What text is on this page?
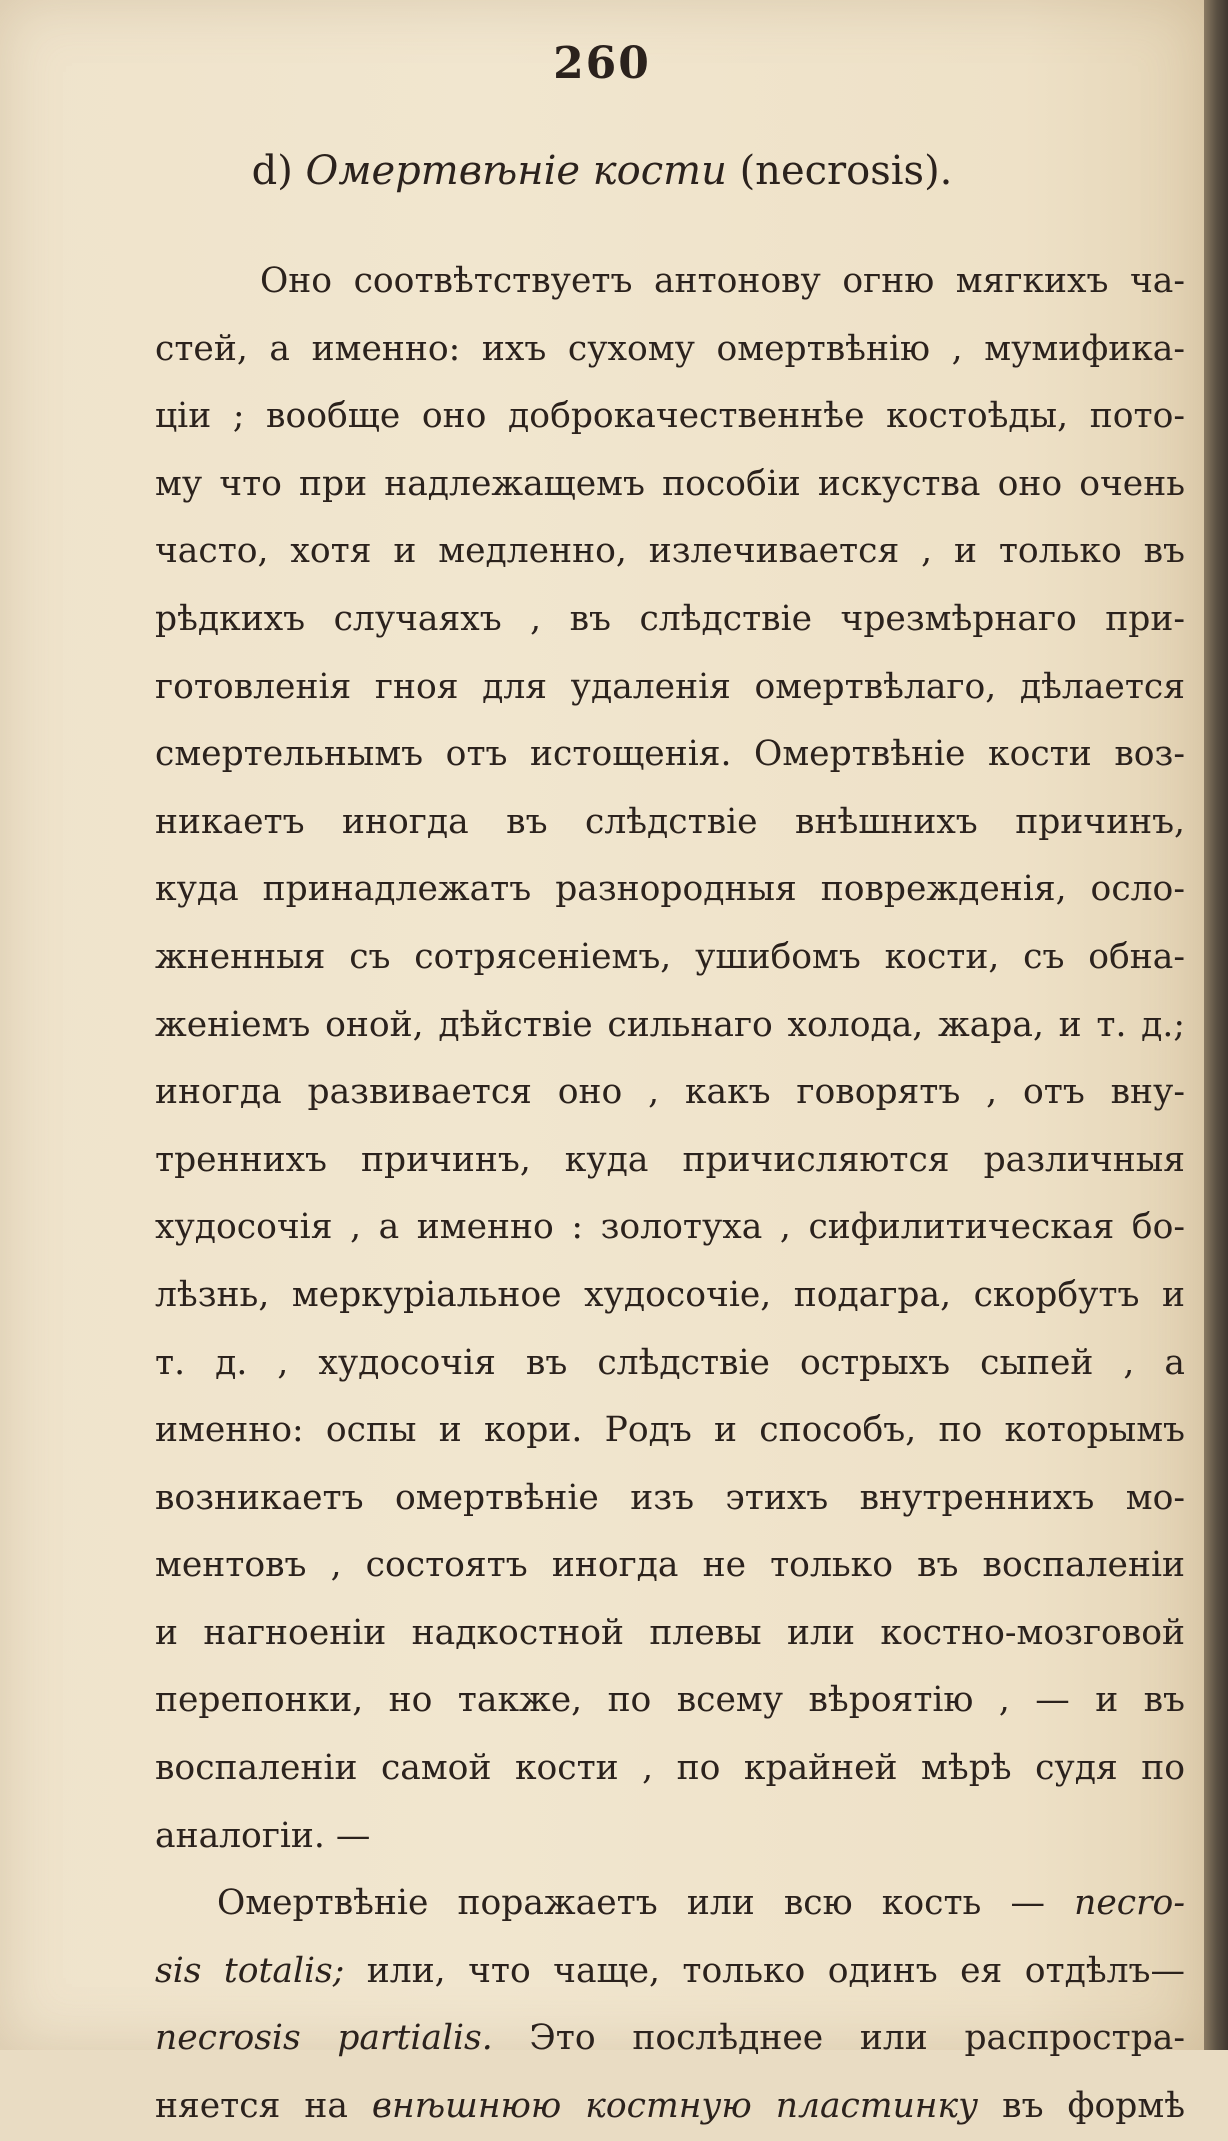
260
d) Омертвѣніе кости (necrosis).
Оно соотвѣтствуетъ антонову огню мягкихъ ча-
стей, а именно: ихъ сухому омертвѣнію , мумифика-
ціи ; вообще оно доброкачественнѣе костоѣды, пото-
му что при надлежащемъ пособіи искуства оно очень
часто, хотя и медленно, излечивается , и только въ
рѣдкихъ случаяхъ , въ слѣдствіе чрезмѣрнаго при-
готовленія гноя для удаленія омертвѣлаго, дѣлается
смертельнымъ отъ истощенія. Омертвѣніе кости воз-
никаетъ иногда въ слѣдствіе внѣшнихъ причинъ,
куда принадлежатъ разнородныя поврежденія, осло-
жненныя съ сотрясеніемъ, ушибомъ кости, съ обна-
женіемъ оной, дѣйствіе сильнаго холода, жара, и т. д.;
иногда развивается оно , какъ говорятъ , отъ вну-
треннихъ причинъ, куда причисляются различныя
худосочія , а именно : золотуха , сифилитическая бо-
лѣзнь, меркуріальное худосочіе, подагра, скорбутъ и
т. д. , худосочія въ слѣдствіе острыхъ сыпей , а
именно: оспы и кори. Родъ и способъ, по которымъ
возникаетъ омертвѣніе изъ этихъ внутреннихъ мо-
ментовъ , состоятъ иногда не только въ воспаленіи
и нагноеніи надкостной плевы или костно-мозговой
перепонки, но также, по всему вѣроятію , — и въ
воспаленіи самой кости , по крайней мѣрѣ судя по
аналогіи. —
Омертвѣніе поражаетъ или всю кость — necro-
sis totalis; или, что чаще, только одинъ ея отдѣлъ—
necrosis partialis. Это послѣднее или распростра-
няется на внѣшнюю костную пластинку въ формѣ
